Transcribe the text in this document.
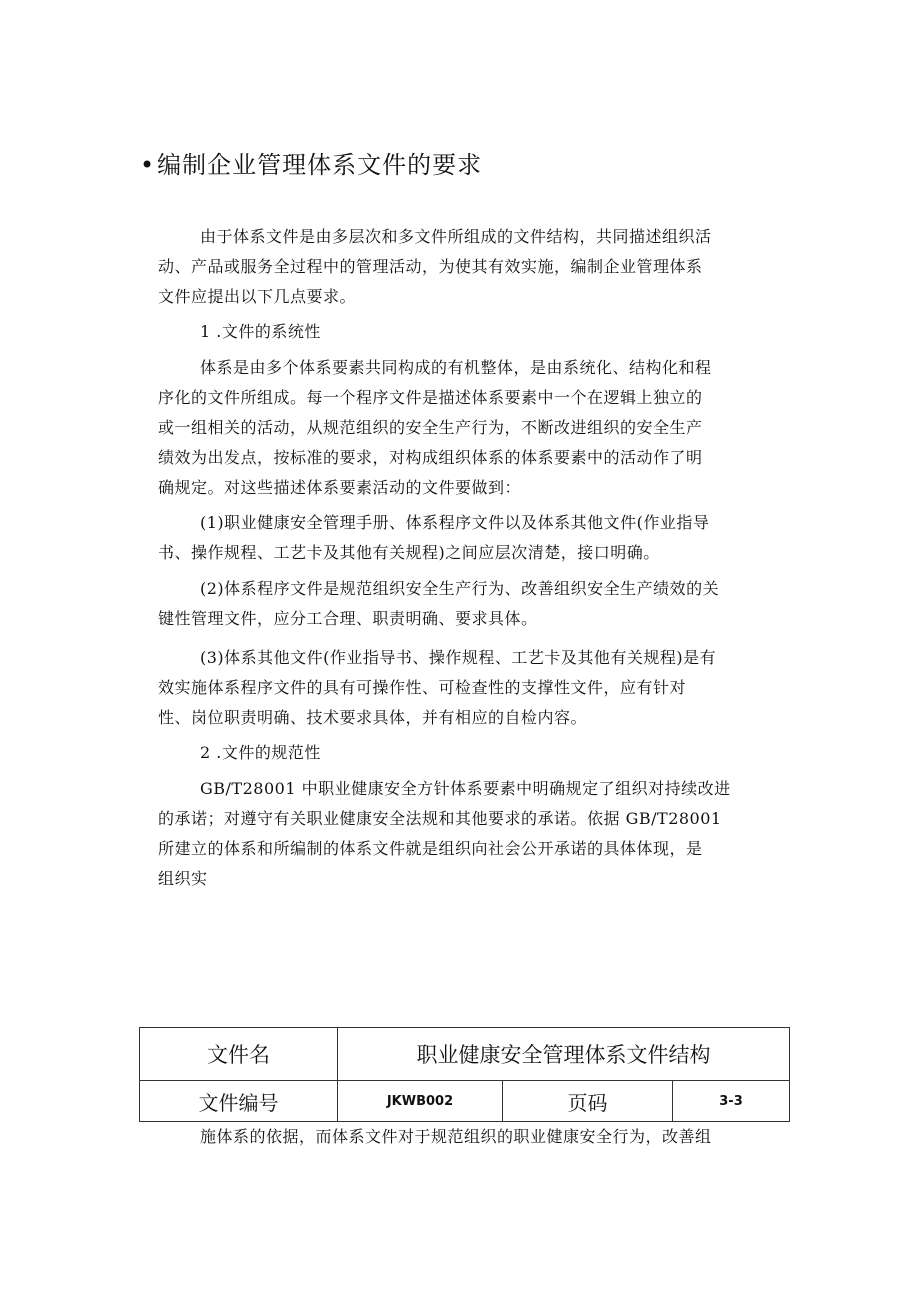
•编制企业管理体系文件的要求
由于体系文件是由多层次和多文件所组成的文件结构，共同描述组织活
动、产品或服务全过程中的管理活动，为使其有效实施，编制企业管理体系
文件应提出以下几点要求。
1 .文件的系统性
体系是由多个体系要素共同构成的有机整体，是由系统化、结构化和程
序化的文件所组成。每一个程序文件是描述体系要素中一个在逻辑上独立的
或一组相关的活动，从规范组织的安全生产行为，不断改进组织的安全生产
绩效为出发点，按标准的要求，对构成组织体系的体系要素中的活动作了明
确规定。对这些描述体系要素活动的文件要做到：
(1)职业健康安全管理手册、体系程序文件以及体系其他文件(作业指导
书、操作规程、工艺卡及其他有关规程)之间应层次清楚，接口明确。
(2)体系程序文件是规范组织安全生产行为、改善组织安全生产绩效的关
键性管理文件，应分工合理、职责明确、要求具体。
(3)体系其他文件(作业指导书、操作规程、工艺卡及其他有关规程)是有
效实施体系程序文件的具有可操作性、可检查性的支撑性文件，应有针对
性、岗位职责明确、技术要求具体，并有相应的自检内容。
2 .文件的规范性
GB/T28001 中职业健康安全方针体系要素中明确规定了组织对持续改进
的承诺；对遵守有关职业健康安全法规和其他要求的承诺。依据 GB/T28001
所建立的体系和所编制的体系文件就是组织向社会公开承诺的具体体现，是
组织实
文件名	职业健康安全管理体系文件结构		
文件编号	JKWB002	页码	3-3
施体系的依据，而体系文件对于规范组织的职业健康安全行为，改善组
